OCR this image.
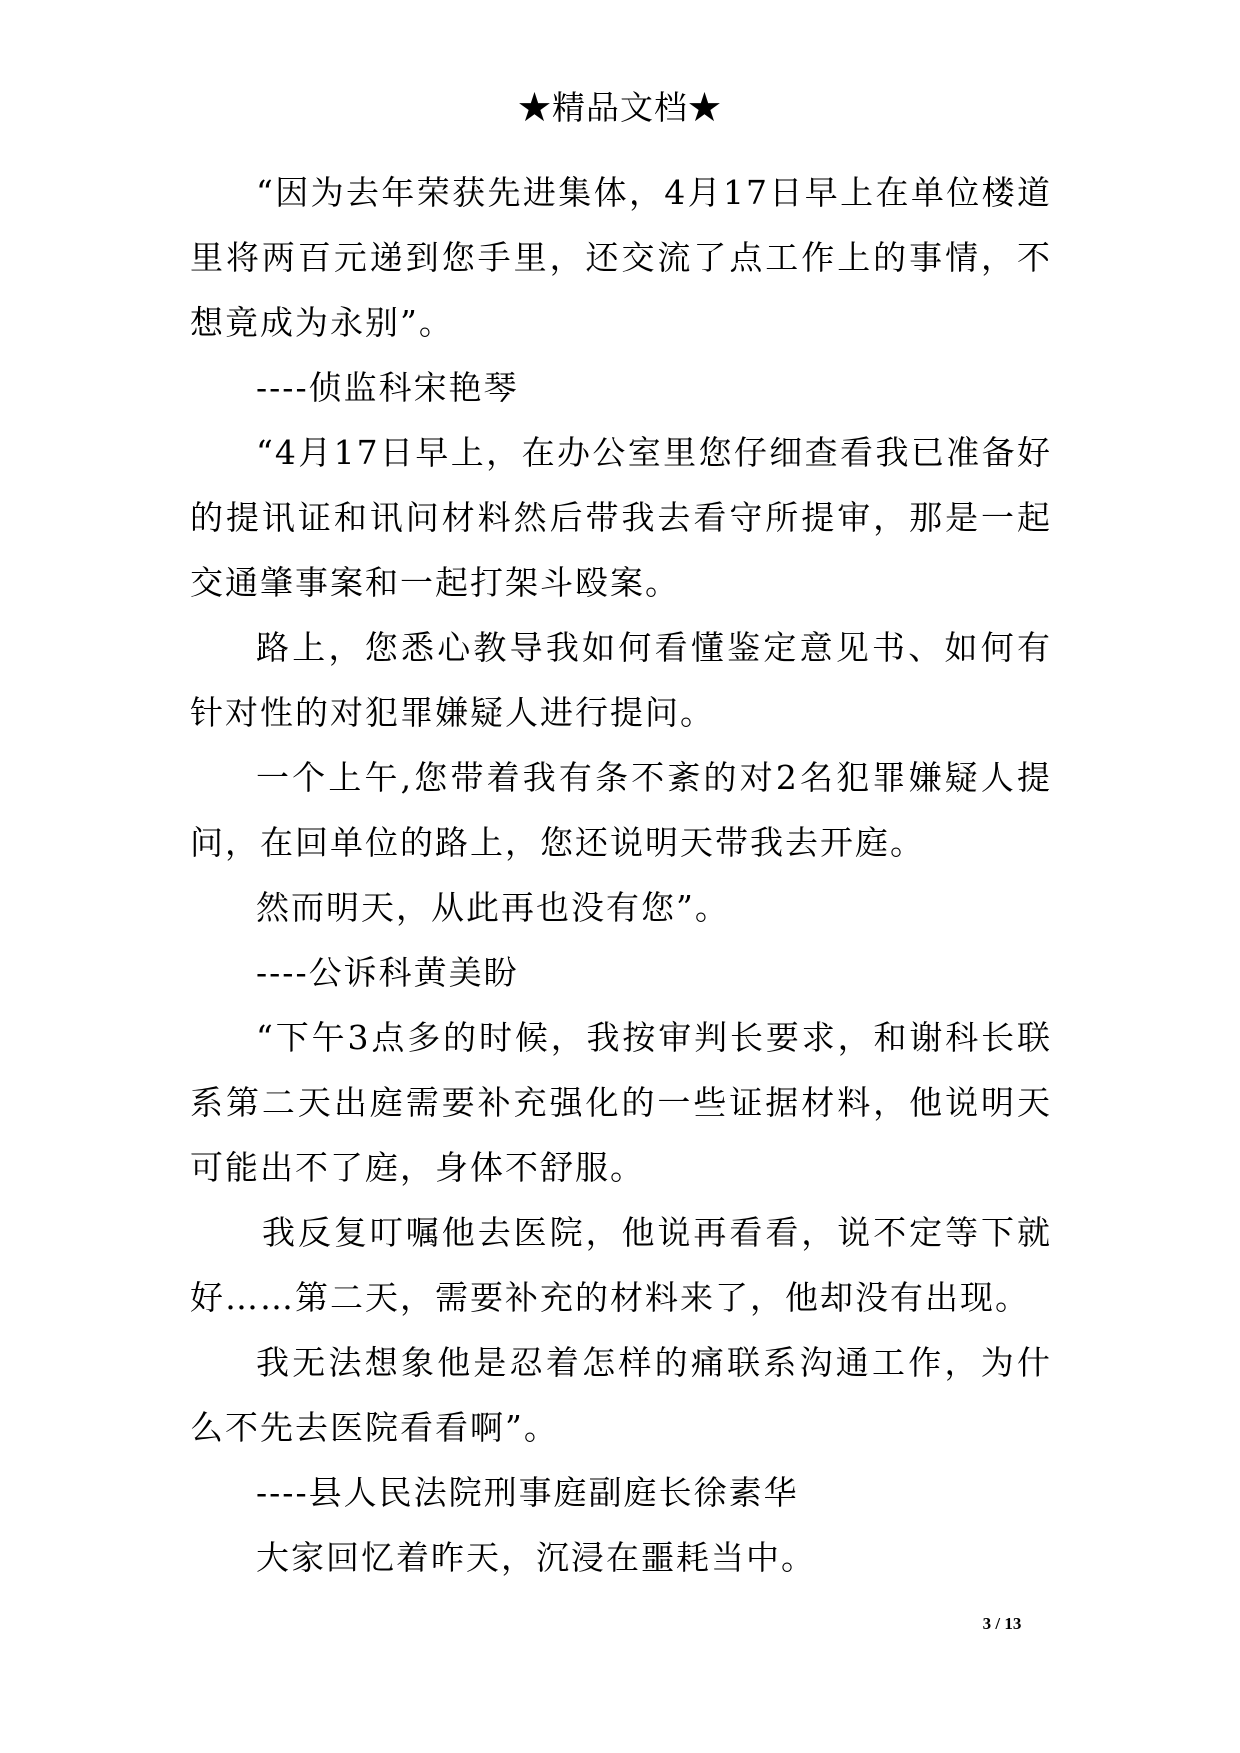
★精品文档★

“因为去年荣获先进集体，4月17日早上在单位楼道里将两百元递到您手里，还交流了点工作上的事情，不想竟成为永别”。

----侦监科宋艳琴

“4月17日早上，在办公室里您仔细查看我已准备好的提讯证和讯问材料然后带我去看守所提审，那是一起交通肇事案和一起打架斗殴案。

路上，您悉心教导我如何看懂鉴定意见书、如何有针对性的对犯罪嫌疑人进行提问。

一个上午,您带着我有条不紊的对2名犯罪嫌疑人提问，在回单位的路上，您还说明天带我去开庭。

然而明天，从此再也没有您”。

----公诉科黄美盼

“下午3点多的时候，我按审判长要求，和谢科长联系第二天出庭需要补充强化的一些证据材料，他说明天可能出不了庭，身体不舒服。

我反复叮嘱他去医院，他说再看看，说不定等下就好……第二天，需要补充的材料来了，他却没有出现。

我无法想象他是忍着怎样的痛联系沟通工作，为什么不先去医院看看啊”。

----县人民法院刑事庭副庭长徐素华

大家回忆着昨天，沉浸在噩耗当中。

3 / 13
